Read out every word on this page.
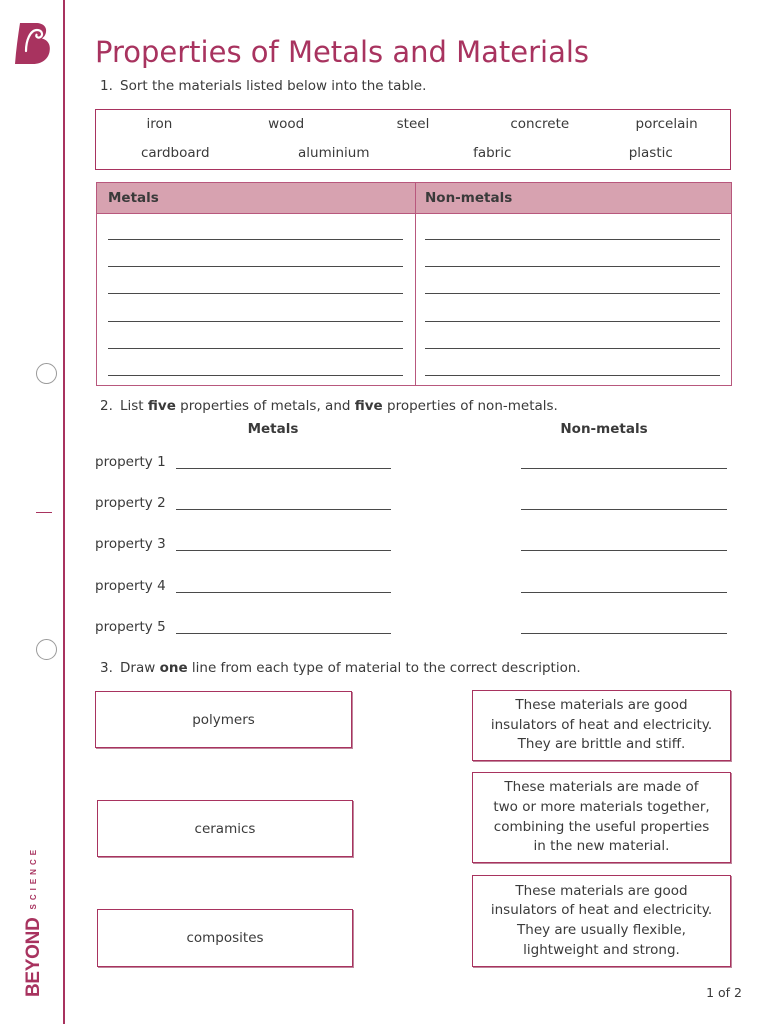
BEYOND
SCIENCE
Properties of Metals and Materials
1. Sort the materials listed below into the table.
iron	wood	steel	concrete	porcelain
cardboard	aluminium	fabric	plastic
Metals	Non-metals
2. List five properties of metals, and five properties of non-metals.
Metals	Non-metals
property 1
property 2
property 3
property 4
property 5
3. Draw one line from each type of material to the correct description.
polymers
ceramics
composites
These materials are good
insulators of heat and electricity.
They are brittle and stiff.
These materials are made of
two or more materials together,
combining the useful properties
in the new material.
These materials are good
insulators of heat and electricity.
They are usually flexible,
lightweight and strong.
1 of 2
